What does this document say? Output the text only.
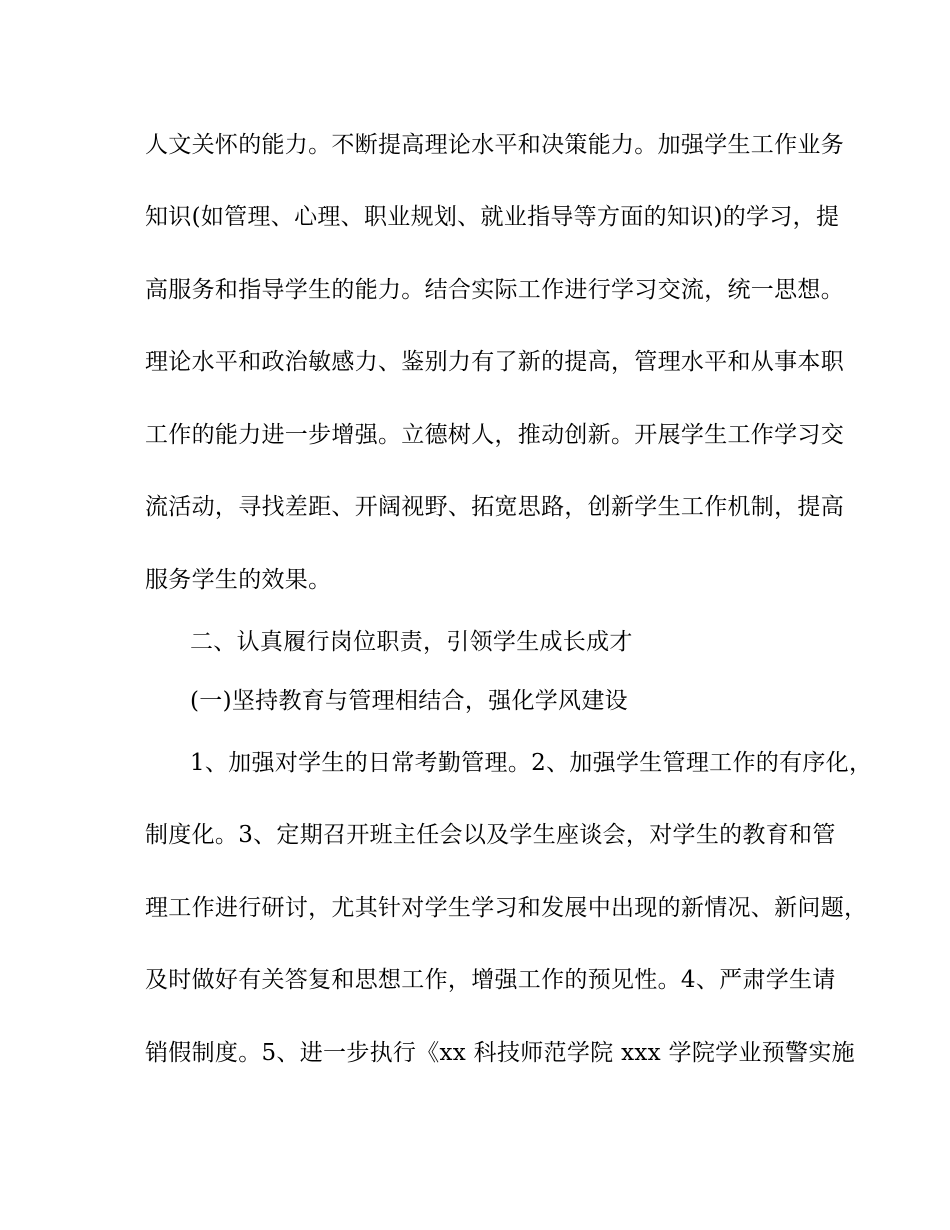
人文关怀的能力。不断提高理论水平和决策能力。加强学生工作业务
知识(如管理、心理、职业规划、就业指导等方面的知识)的学习，提
高服务和指导学生的能力。结合实际工作进行学习交流，统一思想。
理论水平和政治敏感力、鉴别力有了新的提高，管理水平和从事本职
工作的能力进一步增强。立德树人，推动创新。开展学生工作学习交
流活动，寻找差距、开阔视野、拓宽思路，创新学生工作机制，提高
服务学生的效果。
二、认真履行岗位职责，引领学生成长成才
(一)坚持教育与管理相结合，强化学风建设
1、加强对学生的日常考勤管理。2、加强学生管理工作的有序化，
制度化。3、定期召开班主任会以及学生座谈会，对学生的教育和管
理工作进行研讨，尤其针对学生学习和发展中出现的新情况、新问题，
及时做好有关答复和思想工作，增强工作的预见性。4、严肃学生请
销假制度。5、进一步执行《xx 科技师范学院 xxx 学院学业预警实施
